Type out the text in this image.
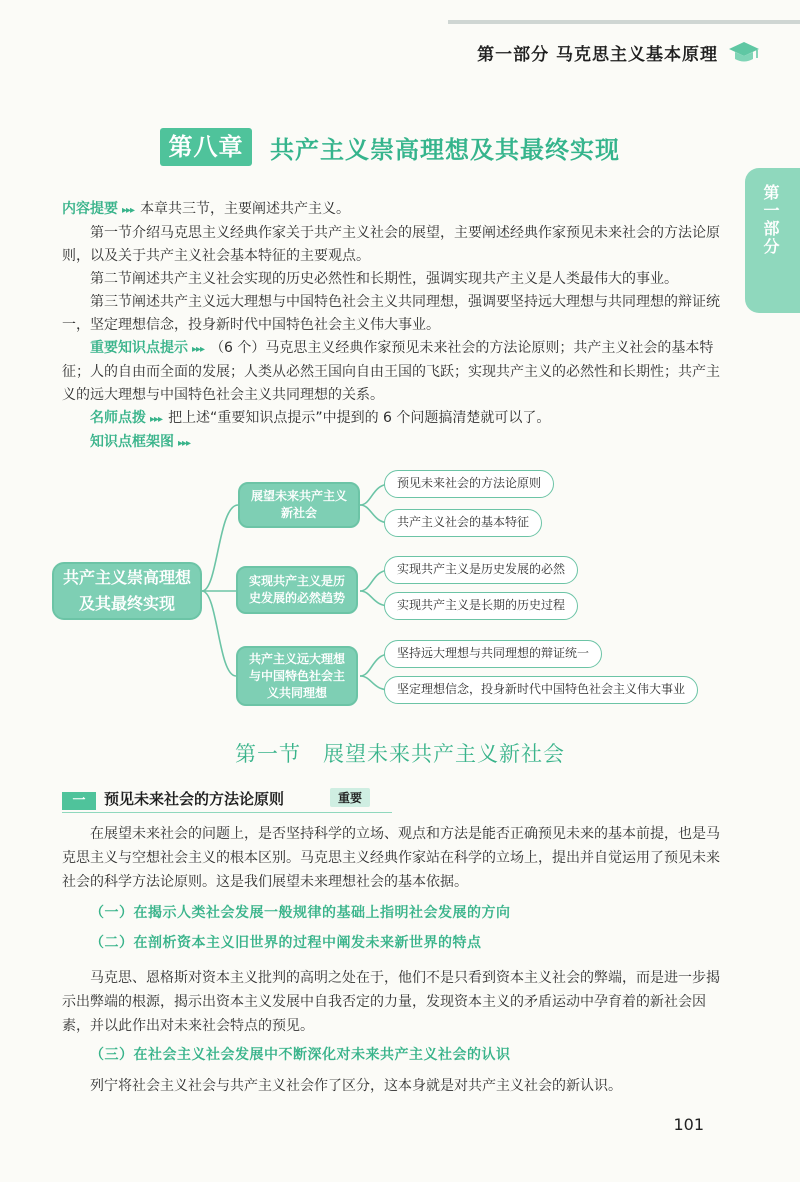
第一部分 马克思主义基本原理
第一部分
第八章	共产主义崇高理想及其最终实现
内容提要 ▸▸▸ 本章共三节，主要阐述共产主义。
第一节介绍马克思主义经典作家关于共产主义社会的展望，主要阐述经典作家预见未来社会的方法论原则，以及关于共产主义社会基本特征的主要观点。
第二节阐述共产主义社会实现的历史必然性和长期性，强调实现共产主义是人类最伟大的事业。
第三节阐述共产主义远大理想与中国特色社会主义共同理想，强调要坚持远大理想与共同理想的辩证统一，坚定理想信念，投身新时代中国特色社会主义伟大事业。
重要知识点提示 ▸▸▸ （6 个）马克思主义经典作家预见未来社会的方法论原则；共产主义社会的基本特征；人的自由而全面的发展；人类从必然王国向自由王国的飞跃；实现共产主义的必然性和长期性；共产主义的远大理想与中国特色社会主义共同理想的关系。
名师点拨 ▸▸▸ 把上述“重要知识点提示”中提到的 6 个问题搞清楚就可以了。
知识点框架图 ▸▸▸
共产主义崇高理想及其最终实现
展望未来共产主义新社会
实现共产主义是历史发展的必然趋势
共产主义远大理想与中国特色社会主义共同理想
预见未来社会的方法论原则
共产主义社会的基本特征
实现共产主义是历史发展的必然
实现共产主义是长期的历史过程
坚持远大理想与共同理想的辩证统一
坚定理想信念，投身新时代中国特色社会主义伟大事业
第一节　展望未来共产主义新社会
一	预见未来社会的方法论原则	重要
在展望未来社会的问题上，是否坚持科学的立场、观点和方法是能否正确预见未来的基本前提，也是马克思主义与空想社会主义的根本区别。马克思主义经典作家站在科学的立场上，提出并自觉运用了预见未来社会的科学方法论原则。这是我们展望未来理想社会的基本依据。
（一）在揭示人类社会发展一般规律的基础上指明社会发展的方向
（二）在剖析资本主义旧世界的过程中阐发未来新世界的特点
马克思、恩格斯对资本主义批判的高明之处在于，他们不是只看到资本主义社会的弊端，而是进一步揭示出弊端的根源，揭示出资本主义发展中自我否定的力量，发现资本主义的矛盾运动中孕育着的新社会因素，并以此作出对未来社会特点的预见。
（三）在社会主义社会发展中不断深化对未来共产主义社会的认识
列宁将社会主义社会与共产主义社会作了区分，这本身就是对共产主义社会的新认识。
101
